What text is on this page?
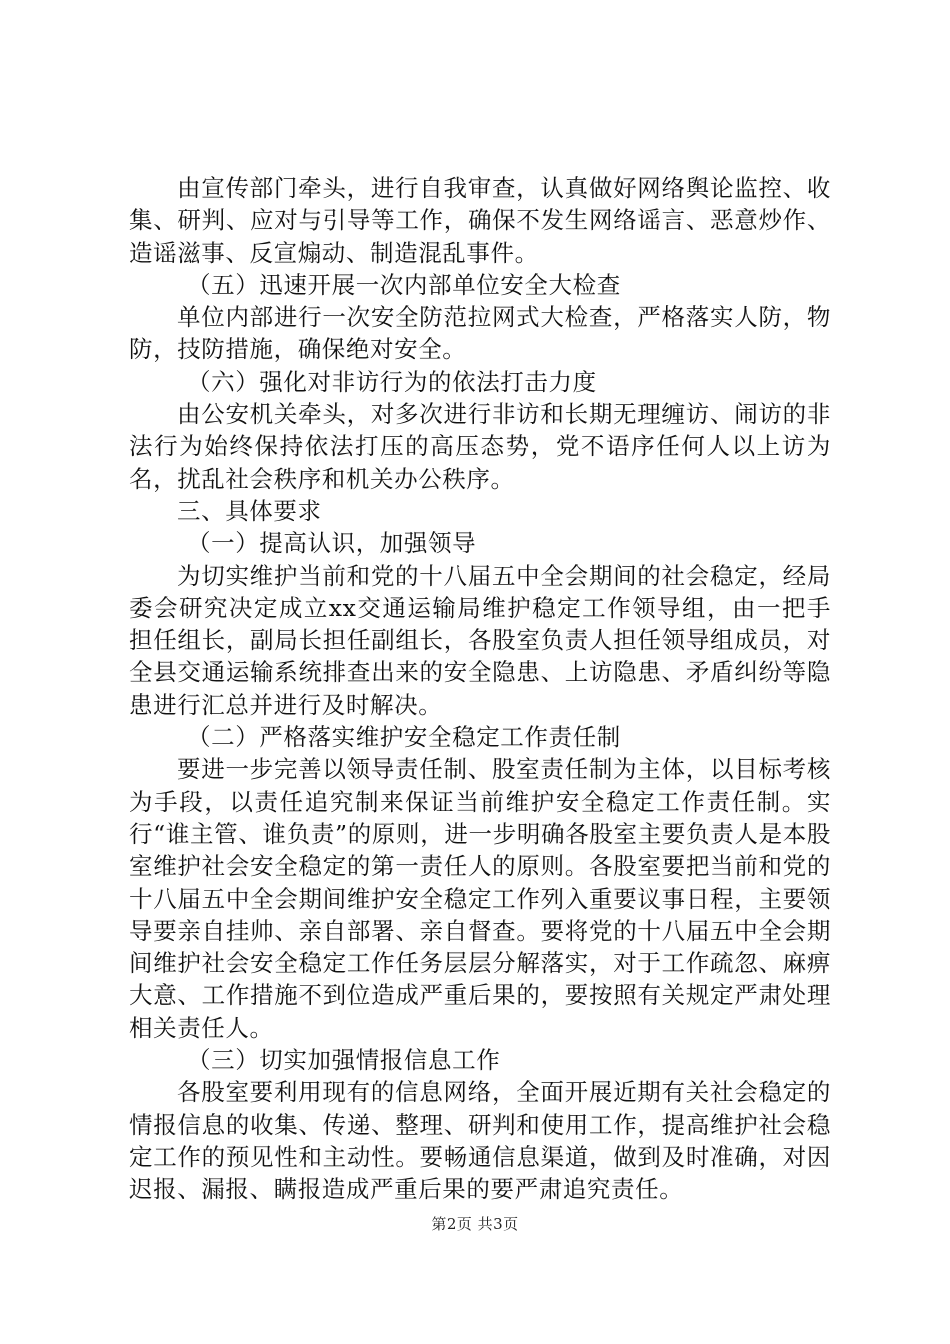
由宣传部门牵头，进行自我审查，认真做好网络舆论监控、收集、研判、应对与引导等工作，确保不发生网络谣言、恶意炒作、造谣滋事、反宣煽动、制造混乱事件。

（五）迅速开展一次内部单位安全大检查

单位内部进行一次安全防范拉网式大检查，严格落实人防，物防，技防措施，确保绝对安全。

（六）强化对非访行为的依法打击力度

由公安机关牵头，对多次进行非访和长期无理缠访、闹访的非法行为始终保持依法打压的高压态势，党不语序任何人以上访为名，扰乱社会秩序和机关办公秩序。

三、具体要求

（一）提高认识，加强领导

为切实维护当前和党的十八届五中全会期间的社会稳定，经局委会研究决定成立xx交通运输局维护稳定工作领导组，由一把手担任组长，副局长担任副组长，各股室负责人担任领导组成员，对全县交通运输系统排查出来的安全隐患、上访隐患、矛盾纠纷等隐患进行汇总并进行及时解决。

（二）严格落实维护安全稳定工作责任制

要进一步完善以领导责任制、股室责任制为主体，以目标考核为手段，以责任追究制来保证当前维护安全稳定工作责任制。实行“谁主管、谁负责”的原则，进一步明确各股室主要负责人是本股室维护社会安全稳定的第一责任人的原则。各股室要把当前和党的十八届五中全会期间维护安全稳定工作列入重要议事日程，主要领导要亲自挂帅、亲自部署、亲自督查。要将党的十八届五中全会期间维护社会安全稳定工作任务层层分解落实，对于工作疏忽、麻痹大意、工作措施不到位造成严重后果的，要按照有关规定严肃处理相关责任人。

（三）切实加强情报信息工作

各股室要利用现有的信息网络，全面开展近期有关社会稳定的情报信息的收集、传递、整理、研判和使用工作，提高维护社会稳定工作的预见性和主动性。要畅通信息渠道，做到及时准确，对因迟报、漏报、瞒报造成严重后果的要严肃追究责任。

第2页 共3页
